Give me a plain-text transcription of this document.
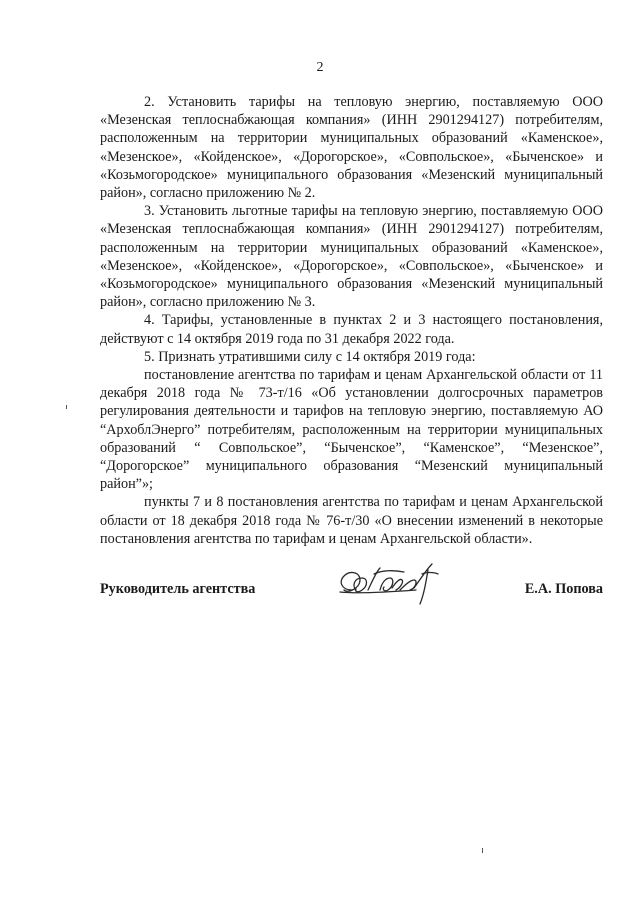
2

2. Установить тарифы на тепловую энергию, поставляемую ООО «Мезенская теплоснабжающая компания» (ИНН 2901294127) потребителям, расположенным на территории муниципальных образований «Каменское», «Мезенское», «Койденское», «Дорогорское», «Совпольское», «Быченское» и «Козьмогородское» муниципального образования «Мезенский муниципальный район», согласно приложению № 2.

3. Установить льготные тарифы на тепловую энергию, поставляемую ООО «Мезенская теплоснабжающая компания» (ИНН 2901294127) потребителям, расположенным на территории муниципальных образований «Каменское», «Мезенское», «Койденское», «Дорогорское», «Совпольское», «Быченское» и «Козьмогородское» муниципального образования «Мезенский муниципальный район», согласно приложению № 3.

4. Тарифы, установленные в пунктах 2 и 3 настоящего постановления, действуют с 14 октября 2019 года по 31 декабря 2022 года.

5. Признать утратившими силу с 14 октября 2019 года:

постановление агентства по тарифам и ценам Архангельской области от 11 декабря 2018 года № 73-т/16 «Об установлении долгосрочных параметров регулирования деятельности и тарифов на тепловую энергию, поставляемую АО “АрхоблЭнерго” потребителям, расположенным на территории муниципальных образований “ Совпольское”, “Быченское”, “Каменское”, “Мезенское”, “Дорогорское” муниципального образования “Мезенский муниципальный район”»;

пункты 7 и 8 постановления агентства по тарифам и ценам Архангельской области от 18 декабря 2018 года № 76-т/30 «О внесении изменений в некоторые постановления агентства по тарифам и ценам Архангельской области».

Руководитель агентства	Е.А. Попова
